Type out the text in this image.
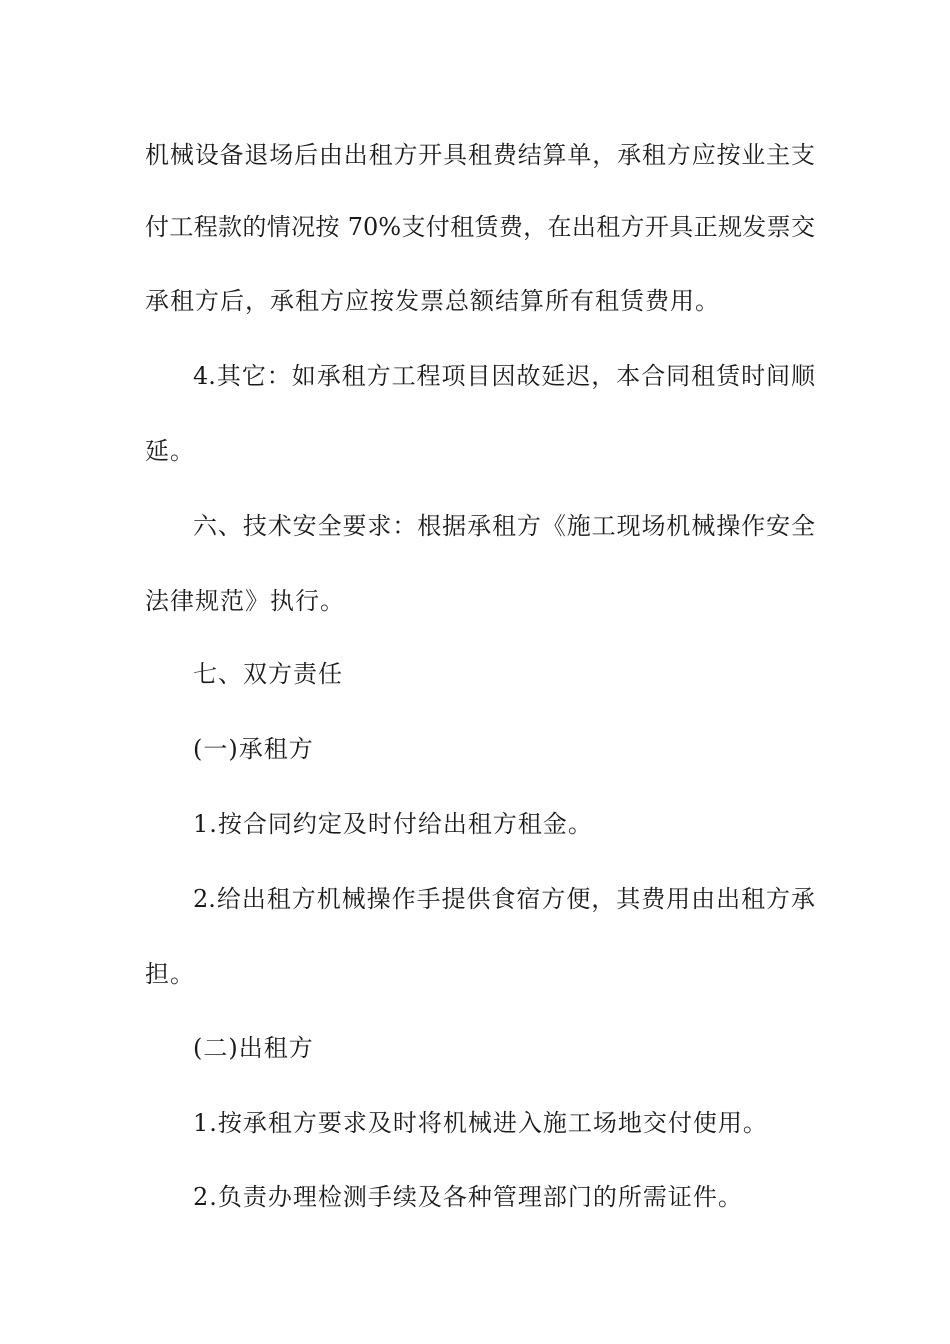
机械设备退场后由出租方开具租费结算单，承租方应按业主支
付工程款的情况按 70%支付租赁费，在出租方开具正规发票交
承租方后，承租方应按发票总额结算所有租赁费用。
4.其它：如承租方工程项目因故延迟，本合同租赁时间顺
延。
六、技术安全要求：根据承租方《施工现场机械操作安全
法律规范》执行。
七、双方责任
(一)承租方
1.按合同约定及时付给出租方租金。
2.给出租方机械操作手提供食宿方便，其费用由出租方承
担。
(二)出租方
1.按承租方要求及时将机械进入施工场地交付使用。
2.负责办理检测手续及各种管理部门的所需证件。
